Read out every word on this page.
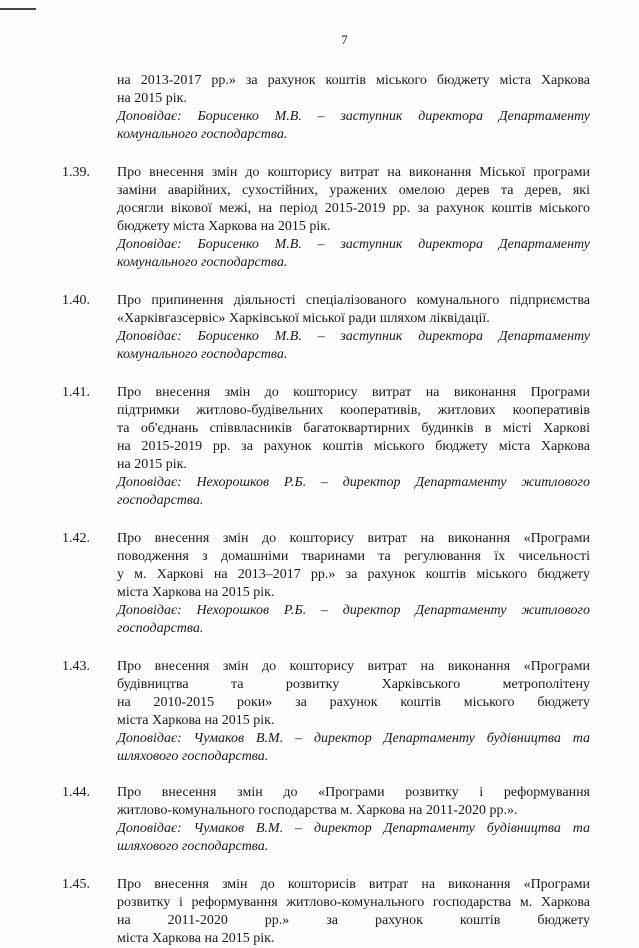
7
на 2013-2017 рр.» за рахунок коштів міського бюджету міста Харкова
на 2015 рік.
Доповідає: Борисенко М.В. – заступник директора Департаменту
комунального господарства.
1.39.	Про внесення змін до кошторису витрат на виконання Міської програми
заміни аварійних, сухостійних, уражених омелою дерев та дерев, які
досягли вікової межі, на період 2015-2019 рр. за рахунок коштів міського
бюджету міста Харкова на 2015 рік.
Доповідає: Борисенко М.В. – заступник директора Департаменту
комунального господарства.
1.40.	Про припинення діяльності спеціалізованого комунального підприємства
«Харківгазсервіс» Харківської міської ради шляхом ліквідації.
Доповідає: Борисенко М.В. – заступник директора Департаменту
комунального господарства.
1.41.	Про внесення змін до кошторису витрат на виконання Програми
підтримки житлово-будівельних кооперативів, житлових кооперативів
та об'єднань співвласників багатоквартирних будинків в місті Харкові
на 2015-2019 рр. за рахунок коштів міського бюджету міста Харкова
на 2015 рік.
Доповідає: Нехорошков Р.Б. – директор Департаменту житлового
господарства.
1.42.	Про внесення змін до кошторису витрат на виконання «Програми
поводження з домашніми тваринами та регулювання їх чисельності
у м. Харкові на 2013–2017 рр.» за рахунок коштів міського бюджету
міста Харкова на 2015 рік.
Доповідає: Нехорошков Р.Б. – директор Департаменту житлового
господарства.
1.43.	Про внесення змін до кошторису витрат на виконання «Програми
будівництва та розвитку Харківського метрополітену
на 2010-2015 роки» за рахунок коштів міського бюджету
міста Харкова на 2015 рік.
Доповідає: Чумаков В.М. – директор Департаменту будівництва та
шляхового господарства.
1.44.	Про внесення змін до «Програми розвитку і реформування
житлово-комунального господарства м. Харкова на 2011-2020 рр.».
Доповідає: Чумаков В.М. – директор Департаменту будівництва та
шляхового господарства.
1.45.	Про внесення змін до кошторисів витрат на виконання «Програми
розвитку і реформування житлово-комунального господарства м. Харкова
на 2011-2020 рр.» за рахунок коштів бюджету
міста Харкова на 2015 рік.
